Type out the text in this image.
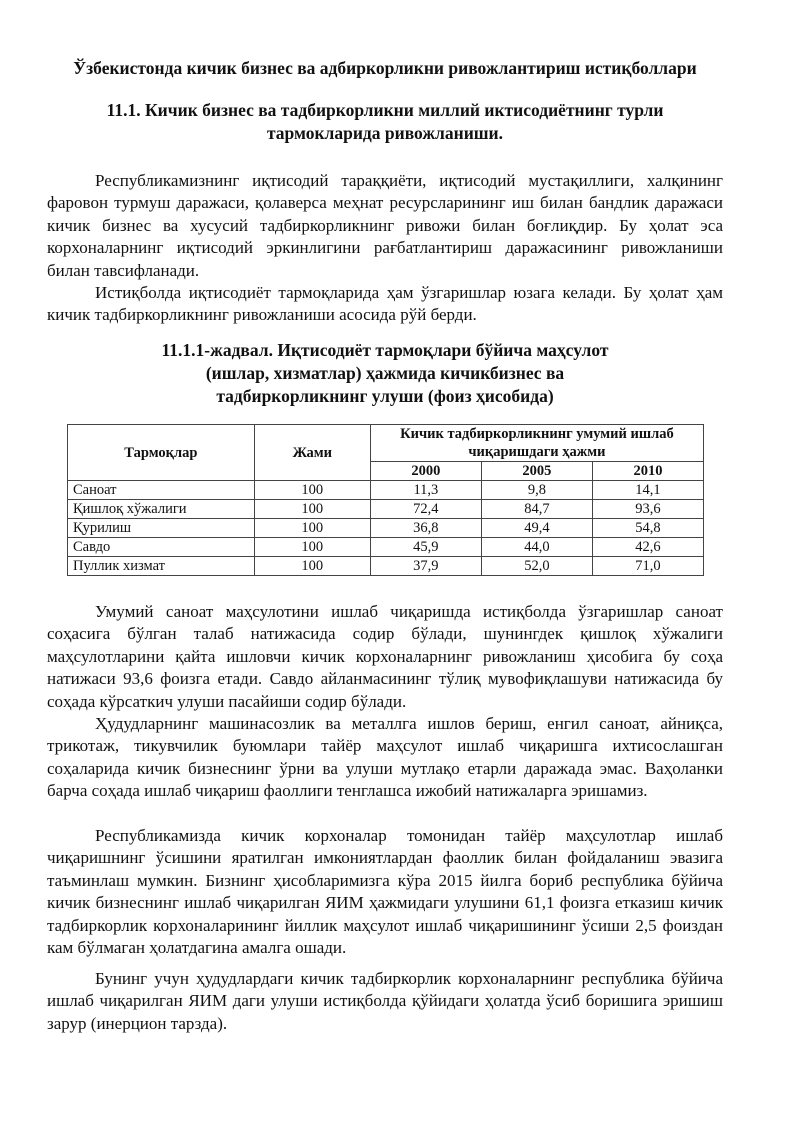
Ўзбекистонда кичик бизнес ва адбиркорликни ривожлантириш истиқболлари
11.1. Кичик бизнес ва тадбиркорликни миллий иктисодиётнинг турли
тармокларида ривожланиши.

Республикамизнинг иқтисодий тараққиёти, иқтисодий мустақиллиги, халқининг фаровон турмуш даражаси, қолаверса меҳнат ресурсларининг иш билан бандлик даражаси кичик бизнес ва хусусий тадбиркорликнинг ривожи билан боғлиқдир. Бу ҳолат эса корхоналарнинг иқтисодий эркинлигини рағбатлантириш даражасининг ривожланиши билан тавсифланади.

Истиқболда иқтисодиёт тармоқларида ҳам ўзгаришлар юзага келади. Бу ҳолат ҳам кичик тадбиркорликнинг ривожланиши асосида рўй берди.

11.1.1-жадвал. Иқтисодиёт тармоқлари бўйича маҳсулот
(ишлар, хизматлар) ҳажмида кичикбизнес ва
тадбиркорликнинг улуши (фоиз ҳисобида)
Тармоқлар	Жами	Кичик тадбиркорликнинг умумий ишлаб чиқаришдаги ҳажми		
		2000	2005	2010
Саноат	100	11,3	9,8	14,1
Қишлоқ хўжалиги	100	72,4	84,7	93,6
Қурилиш	100	36,8	49,4	54,8
Савдо	100	45,9	44,0	42,6
Пуллик хизмат	100	37,9	52,0	71,0

Умумий саноат маҳсулотини ишлаб чиқаришда истиқболда ўзгаришлар саноат соҳасига бўлган талаб натижасида содир бўлади, шунингдек қишлоқ хўжалиги маҳсулотларини қайта ишловчи кичик корхоналарнинг ривожланиш ҳисобига бу соҳа натижаси 93,6 фоизга етади. Савдо айланмасининг тўлиқ мувофиқлашуви натижасида бу соҳада кўрсаткич улуши пасайиши содир бўлади.

Ҳудудларнинг машинасозлик ва металлга ишлов бериш, енгил саноат, айниқса, трикотаж, тикувчилик буюмлари тайёр маҳсулот ишлаб чиқаришга ихтисослашган соҳаларида кичик бизнеснинг ўрни ва улуши мутлақо етарли даражада эмас. Ваҳоланки барча соҳада ишлаб чиқариш фаоллиги тенглашса ижобий натижаларга эришамиз.

Республикамизда кичик корхоналар томонидан тайёр маҳсулотлар ишлаб чиқаришнинг ўсишини яратилган имкониятлардан фаоллик билан фойдаланиш эвазига таъминлаш мумкин. Бизнинг ҳисобларимизга кўра 2015 йилга бориб республика бўйича кичик бизнеснинг ишлаб чиқарилган ЯИМ ҳажмидаги улушини 61,1 фоизга етказиш кичик тадбиркорлик корхоналарининг йиллик маҳсулот ишлаб чиқаришининг ўсиши 2,5 фоиздан кам бўлмаган ҳолатдагина амалга ошади.

Бунинг учун ҳудудлардаги кичик тадбиркорлик корхоналарнинг республика бўйича ишлаб чиқарилган ЯИМ даги улуши истиқболда қўйидаги ҳолатда ўсиб боришига эришиш зарур (инерцион тарзда).
